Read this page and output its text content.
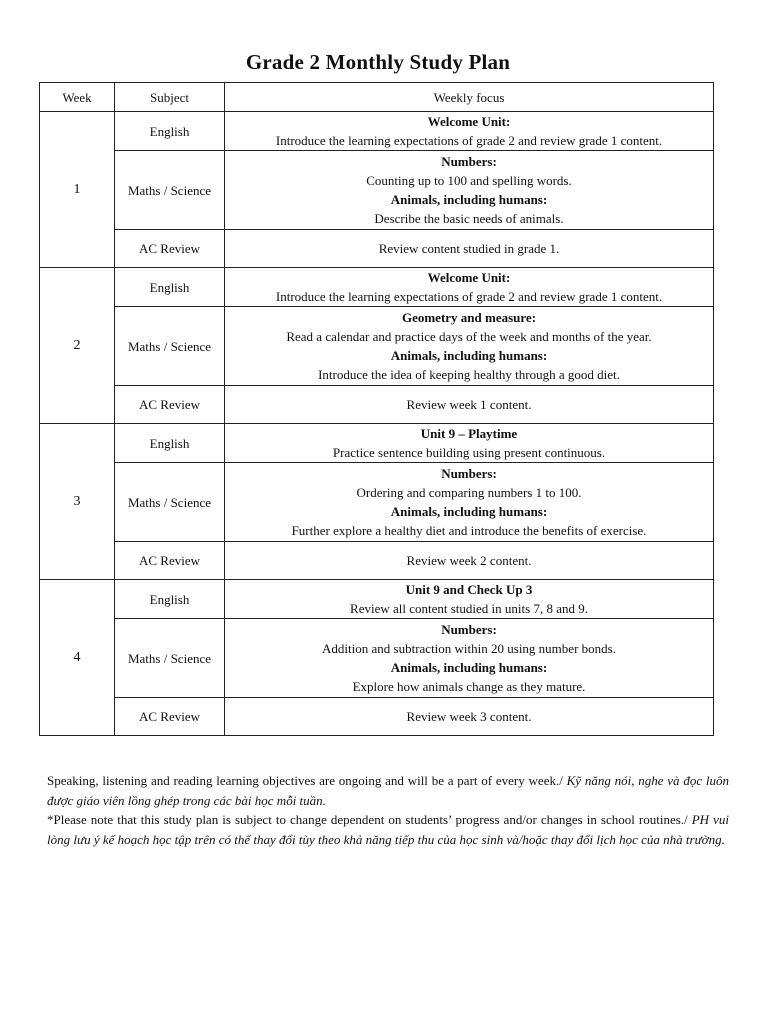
Grade 2 Monthly Study Plan
Week	Subject	Weekly focus
1	English	Welcome Unit:
Introduce the learning expectations of grade 2 and review grade 1 content.

	Maths / Science	Numbers:
Counting up to 100 and spelling words.
Animals, including humans:
Describe the basic needs of animals.

	AC Review	Review content studied in grade 1.
2	English	Welcome Unit:
Introduce the learning expectations of grade 2 and review grade 1 content.

	Maths / Science	Geometry and measure:
Read a calendar and practice days of the week and months of the year.
Animals, including humans:
Introduce the idea of keeping healthy through a good diet.

	AC Review	Review week 1 content.
3	English	Unit 9 – Playtime
Practice sentence building using present continuous.

	Maths / Science	Numbers:
Ordering and comparing numbers 1 to 100.
Animals, including humans:
Further explore a healthy diet and introduce the benefits of exercise.

	AC Review	Review week 2 content.
4	English	Unit 9 and Check Up 3
Review all content studied in units 7, 8 and 9.

	Maths / Science	Numbers:
Addition and subtraction within 20 using number bonds.
Animals, including humans:
Explore how animals change as they mature.

	AC Review	Review week 3 content.

Speaking, listening and reading learning objectives are ongoing and will be a part of every week./ Kỹ năng nói, nghe và đọc luôn được giáo viên lồng ghép trong các bài học mỗi tuần.

*Please note that this study plan is subject to change dependent on students’ progress and/or changes in school routines./ PH vui lòng lưu ý kế hoạch học tập trên có thể thay đổi tùy theo khả năng tiếp thu của học sinh và/hoặc thay đổi lịch học của nhà trường.
